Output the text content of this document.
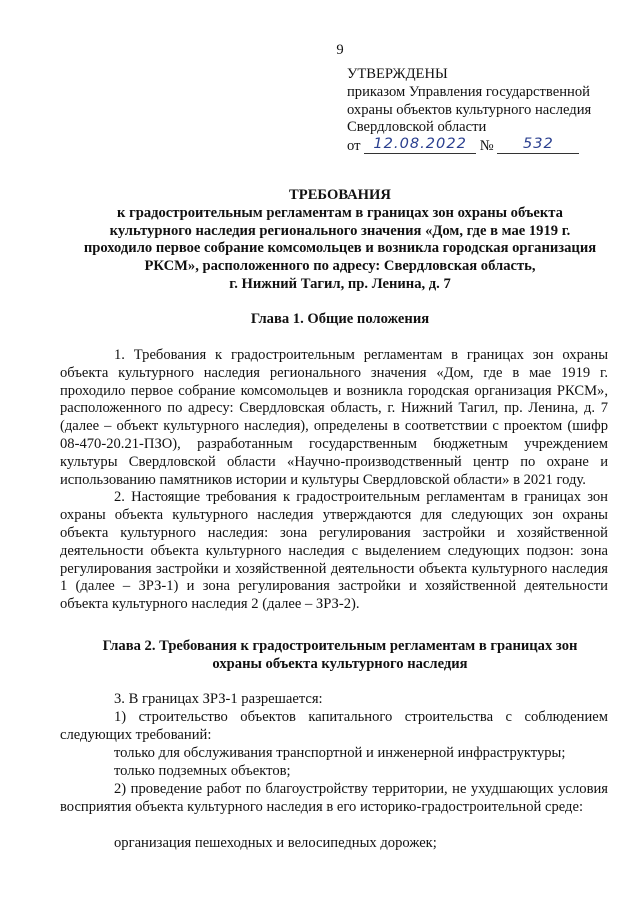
9
УТВЕРЖДЕНЫ
приказом Управления государственной
охраны объектов культурного наследия
Свердловской области
от 12.08.2022 № 532
ТРЕБОВАНИЯ
к градостроительным регламентам в границах зон охраны объекта
культурного наследия регионального значения «Дом, где в мае 1919 г.
проходило первое собрание комсомольцев и возникла городская организация
РКСМ», расположенного по адресу: Свердловская область,
г. Нижний Тагил, пр. Ленина, д. 7
Глава 1. Общие положения

1. Требования к градостроительным регламентам в границах зон охраны объекта культурного наследия регионального значения «Дом, где в мае 1919 г. проходило первое собрание комсомольцев и возникла городская организация РКСМ», расположенного по адресу: Свердловская область, г. Нижний Тагил, пр. Ленина, д. 7 (далее – объект культурного наследия), определены в соответствии с проектом (шифр 08-470-20.21-ПЗО), разработанным государственным бюджетным учреждением культуры Свердловской области «Научно-производственный центр по охране и использованию памятников истории и культуры Свердловской области» в 2021 году.

2. Настоящие требования к градостроительным регламентам в границах зон охраны объекта культурного наследия утверждаются для следующих зон охраны объекта культурного наследия: зона регулирования застройки и хозяйственной деятельности объекта культурного наследия с выделением следующих подзон: зона регулирования застройки и хозяйственной деятельности объекта культурного наследия 1 (далее – ЗРЗ-1) и зона регулирования застройки и хозяйственной деятельности объекта культурного наследия 2 (далее – ЗРЗ-2).

Глава 2. Требования к градостроительным регламентам в границах зон
охраны объекта культурного наследия

3. В границах ЗРЗ-1 разрешается:

1) строительство объектов капитального строительства с соблюдением следующих требований:

только для обслуживания транспортной и инженерной инфраструктуры;
только подземных объектов;

2) проведение работ по благоустройству территории, не ухудшающих условия восприятия объекта культурного наследия в его историко-градостроительной среде:

организация пешеходных и велосипедных дорожек;
